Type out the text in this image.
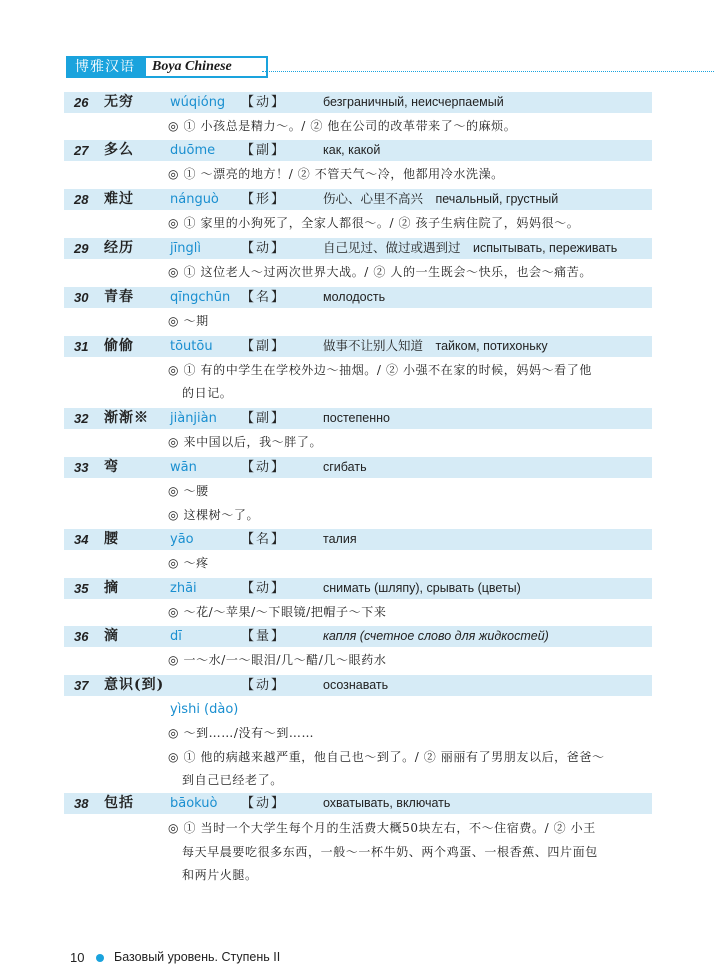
博雅汉语	Boya Chinese
26 无穷	wúqióng 【动】	безграничный, неисчерпаемый
◎ ① 小孩总是精力～。/ ② 他在公司的改革带来了～的麻烦。
27 多么	duōme 【副】	как, какой
◎ ① ～漂亮的地方！/ ② 不管天气～冷，他都用冷水洗澡。
28 难过	nánguò 【形】	伤心、心里不高兴　печальный, грустный
◎ ① 家里的小狗死了，全家人都很～。/ ② 孩子生病住院了，妈妈很～。
29 经历	jīnglì	【动】	自己见过、做过或遇到过　испытывать, переживать
◎ ① 这位老人～过两次世界大战。/ ② 人的一生既会～快乐，也会～痛苦。
30 青春	qīngchūn 【名】	молодость
◎ ～期
31 偷偷	tōutōu 【副】	做事不让别人知道　тайком, потихоньку
◎ ① 有的中学生在学校外边～抽烟。/ ② 小强不在家的时候，妈妈～看了他
的日记。
32 渐渐※ jiànjiàn 【副】	постепенно
◎ 来中国以后，我～胖了。
33 弯	wān	【动】	сгибать
◎ ～腰
◎ 这棵树～了。
34 腰	yāo	【名】	талия
◎ ～疼
35 摘	zhāi	【动】	снимать (шляпу), срывать (цветы)
◎ ～花/～苹果/～下眼镜/把帽子～下来
36 滴	dī	【量】	капля (счетное слово для жидкостей)
◎ 一～水/一～眼泪/几～醋/几～眼药水
37 意识(到)	【动】	осознавать
yìshi (dào)
◎ ～到……/没有～到……
◎ ① 他的病越来越严重，他自己也～到了。/ ② 丽丽有了男朋友以后，爸爸～
到自己已经老了。
38 包括	bāokuò 【动】	охватывать, включать
◎ ① 当时一个大学生每个月的生活费大概50块左右，不～住宿费。/ ② 小王
每天早晨要吃很多东西，一般～一杯牛奶、两个鸡蛋、一根香蕉、四片面包
和两片火腿。
10 Базовый уровень. Ступень II
